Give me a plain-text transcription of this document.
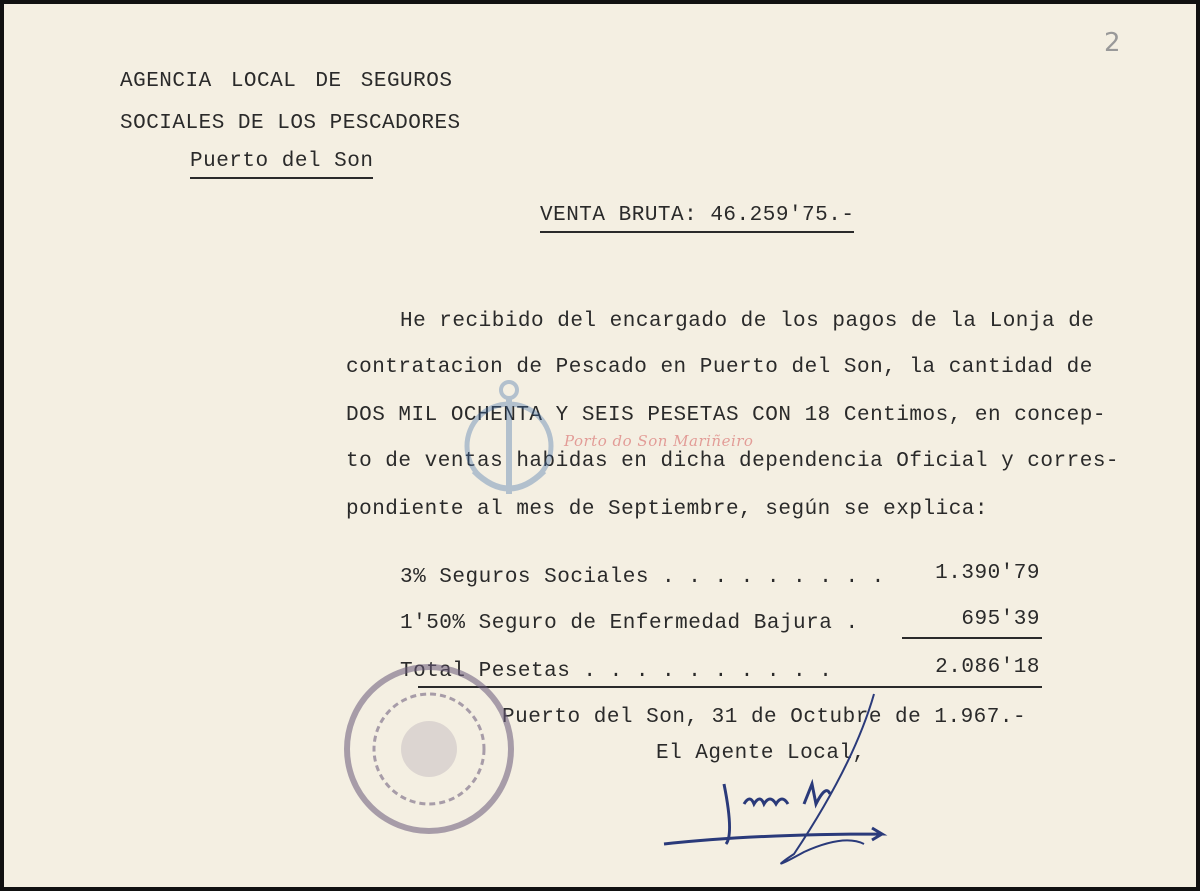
2
AGENCIA LOCAL DE SEGUROS
SOCIALES DE LOS PESCADORES
Puerto del Son
VENTA BRUTA: 46.259'75.-
He recibido del encargado de los pagos de la Lonja de
contratacion de Pescado en Puerto del Son, la cantidad de
DOS MIL OCHENTA Y SEIS PESETAS CON 18 Centimos, en concep-
to de ventas habidas en dicha dependencia Oficial y corres-
pondiente al mes de Septiembre, según se explica:
Porto do Son Mariñeiro
3% Seguros Sociales . . . . . . . . .	1.390'79
1'50% Seguro de Enfermedad Bajura .	695'39
Total Pesetas . . . . . . . . . .	2.086'18
Puerto del Son, 31 de Octubre de 1.967.-
El Agente Local,
